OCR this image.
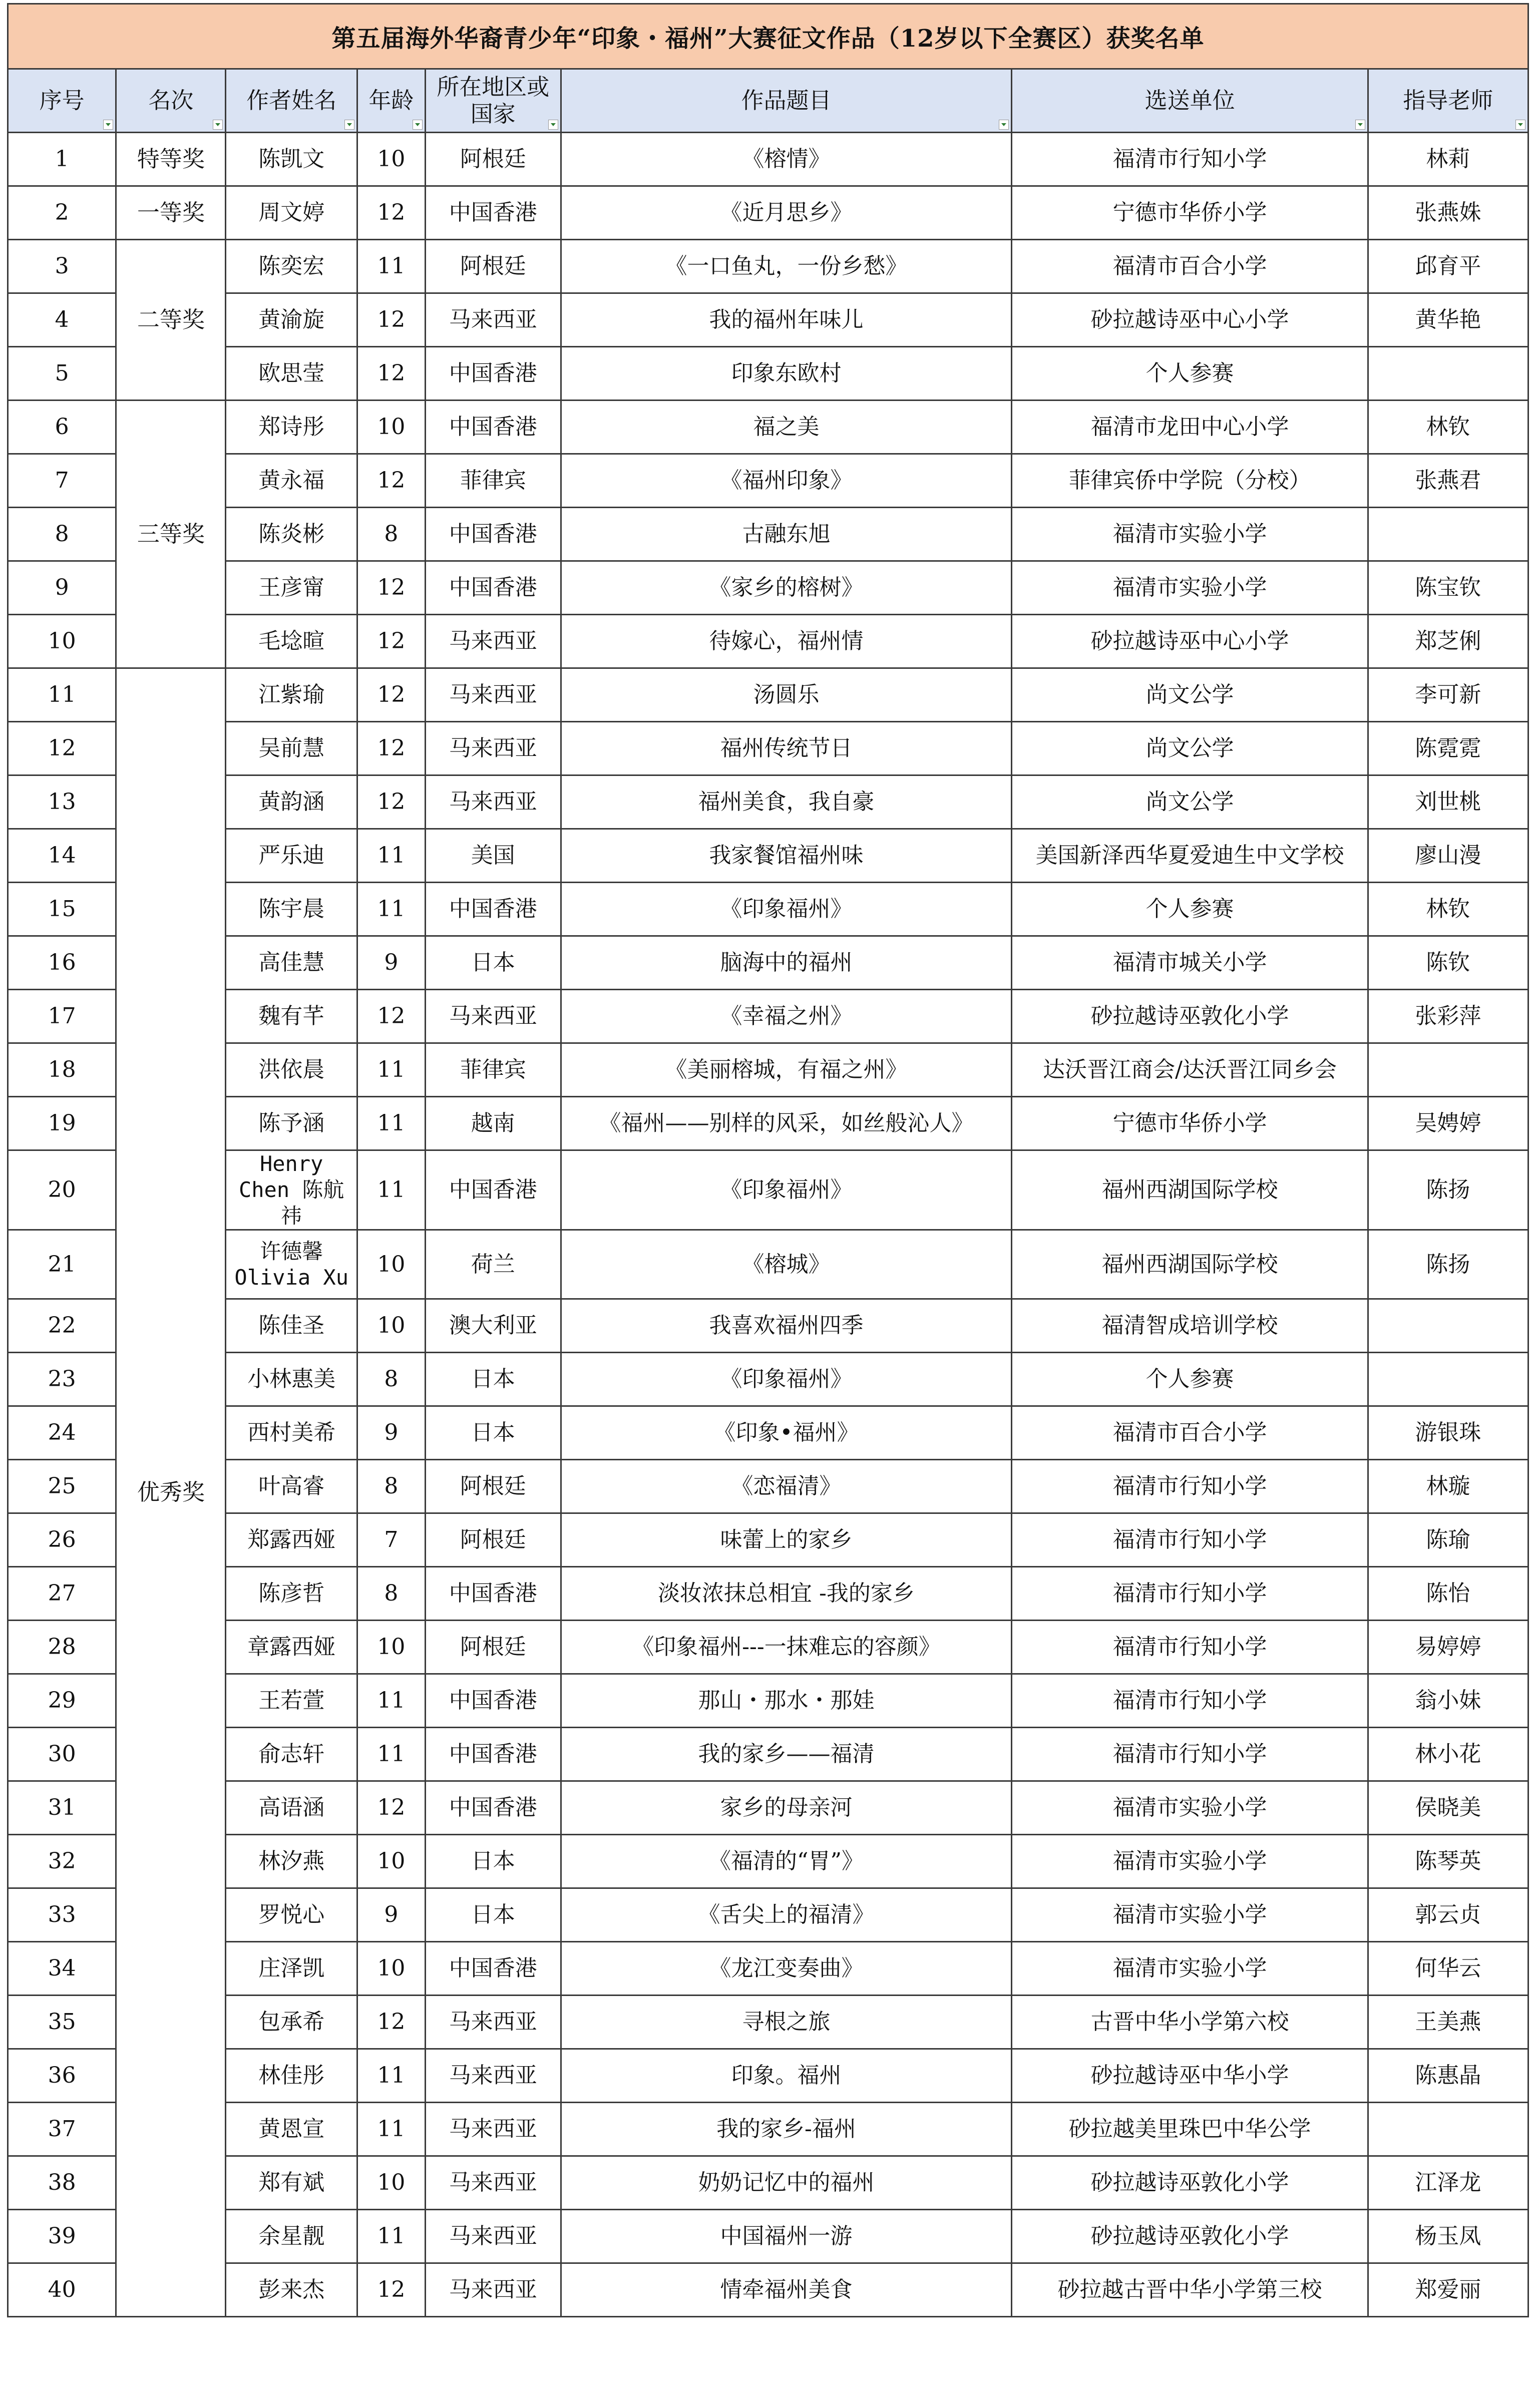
第五届海外华裔青少年“印象・福州”大赛征文作品（12岁以下全赛区）获奖名单							
序号	名次	作者姓名	年龄	所在地区或国家	作品题目	选送单位	指导老师

1	特等奖	陈凯文	10	阿根廷	《榕情》	福清市行知小学	林莉
2	一等奖	周文婷	12	中国香港	《近月思乡》	宁德市华侨小学	张燕姝
3	二等奖	陈奕宏	11	阿根廷	《一口鱼丸，一份乡愁》	福清市百合小学	邱育平
4		黄渝旋	12	马来西亚	我的福州年味儿	砂拉越诗巫中心小学	黄华艳
5		欧思莹	12	中国香港	印象东欧村	个人参赛	
6	三等奖	郑诗彤	10	中国香港	福之美	福清市龙田中心小学	林钦
7		黄永福	12	菲律宾	《福州印象》	菲律宾侨中学院（分校）	张燕君
8		陈炎彬	8	中国香港	古融东旭	福清市实验小学	
9		王彦甯	12	中国香港	《家乡的榕树》	福清市实验小学	陈宝钦
10		毛埝暄	12	马来西亚	待嫁心，福州情	砂拉越诗巫中心小学	郑芝俐
11	优秀奖	江紫瑜	12	马来西亚	汤圆乐	尚文公学	李可新
12		吴前慧	12	马来西亚	福州传统节日	尚文公学	陈霓霓
13		黄韵涵	12	马来西亚	福州美食，我自豪	尚文公学	刘世桃
14		严乐迪	11	美国	我家餐馆福州味	美国新泽西华夏爱迪生中文学校	廖山漫
15		陈宇晨	11	中国香港	《印象福州》	个人参赛	林钦
16		高佳慧	9	日本	脑海中的福州	福清市城关小学	陈钦
17		魏有芊	12	马来西亚	《幸福之州》	砂拉越诗巫敦化小学	张彩萍
18		洪依晨	11	菲律宾	《美丽榕城，有福之州》	达沃晋江商会/达沃晋江同乡会	
19		陈予涵	11	越南	《福州——别样的风采，如丝般沁人》	宁德市华侨小学	吴娉婷
20		Henry Chen 陈航祎	11	中国香港	《印象福州》	福州西湖国际学校	陈扬
21		许德馨Olivia Xu	10	荷兰	《榕城》	福州西湖国际学校	陈扬
22		陈佳圣	10	澳大利亚	我喜欢福州四季	福清智成培训学校	
23		小林惠美	8	日本	《印象福州》	个人参赛	
24		西村美希	9	日本	《印象•福州》	福清市百合小学	游银珠
25		叶高睿	8	阿根廷	《恋福清》	福清市行知小学	林璇
26		郑露西娅	7	阿根廷	味蕾上的家乡	福清市行知小学	陈瑜
27		陈彦哲	8	中国香港	淡妆浓抹总相宜 -我的家乡	福清市行知小学	陈怡
28		章露西娅	10	阿根廷	《印象福州---一抹难忘的容颜》	福清市行知小学	易婷婷
29		王若萱	11	中国香港	那山・那水・那娃	福清市行知小学	翁小妹
30		俞志轩	11	中国香港	我的家乡——福清	福清市行知小学	林小花
31		高语涵	12	中国香港	家乡的母亲河	福清市实验小学	侯晓美
32		林汐燕	10	日本	《福清的“胃”》	福清市实验小学	陈琴英
33		罗悦心	9	日本	《舌尖上的福清》	福清市实验小学	郭云贞
34		庄泽凯	10	中国香港	《龙江变奏曲》	福清市实验小学	何华云
35		包承希	12	马来西亚	寻根之旅	古晋中华小学第六校	王美燕
36		林佳彤	11	马来西亚	印象。福州	砂拉越诗巫中华小学	陈惠晶
37		黄恩宣	11	马来西亚	我的家乡-福州	砂拉越美里珠巴中华公学	
38		郑有斌	10	马来西亚	奶奶记忆中的福州	砂拉越诗巫敦化小学	江泽龙
39		余星靓	11	马来西亚	中国福州一游	砂拉越诗巫敦化小学	杨玉凤
40		彭来杰	12	马来西亚	情牵福州美食	砂拉越古晋中华小学第三校	郑爱丽
